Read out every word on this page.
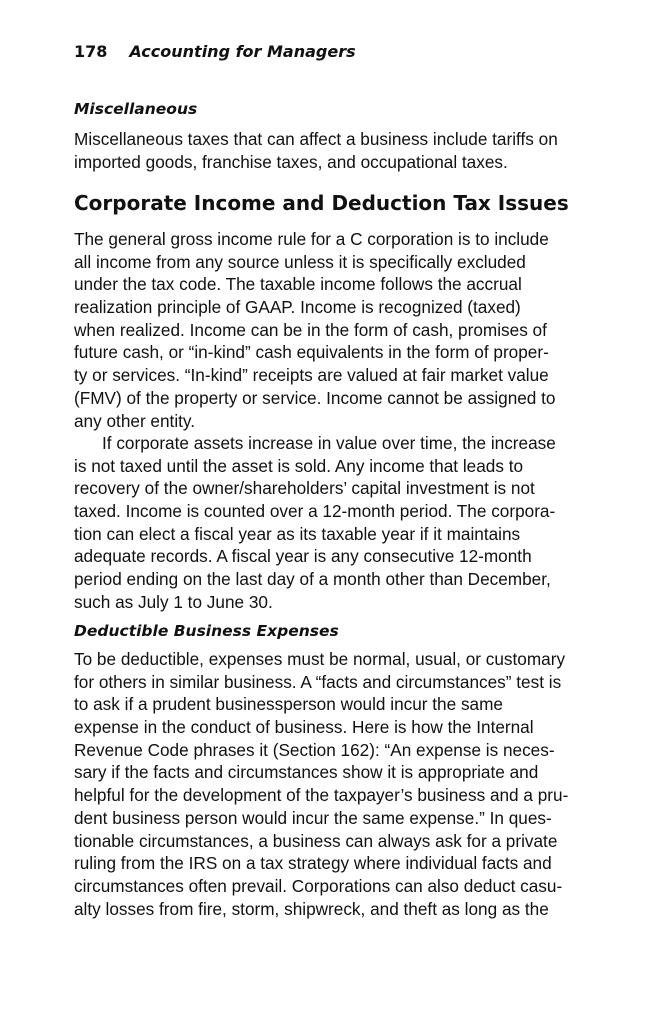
178 Accounting for Managers
Miscellaneous
Miscellaneous taxes that can affect a business include tariffs on
imported goods, franchise taxes, and occupational taxes.
Corporate Income and Deduction Tax Issues
The general gross income rule for a C corporation is to include
all income from any source unless it is specifically excluded
under the tax code. The taxable income follows the accrual
realization principle of GAAP. Income is recognized (taxed)
when realized. Income can be in the form of cash, promises of
future cash, or “in-kind” cash equivalents in the form of proper-
ty or services. “In-kind” receipts are valued at fair market value
(FMV) of the property or service. Income cannot be assigned to
any other entity.
If corporate assets increase in value over time, the increase
is not taxed until the asset is sold. Any income that leads to
recovery of the owner/shareholders’ capital investment is not
taxed. Income is counted over a 12-month period. The corpora-
tion can elect a fiscal year as its taxable year if it maintains
adequate records. A fiscal year is any consecutive 12-month
period ending on the last day of a month other than December,
such as July 1 to June 30.
Deductible Business Expenses
To be deductible, expenses must be normal, usual, or customary
for others in similar business. A “facts and circumstances” test is
to ask if a prudent businessperson would incur the same
expense in the conduct of business. Here is how the Internal
Revenue Code phrases it (Section 162): “An expense is neces-
sary if the facts and circumstances show it is appropriate and
helpful for the development of the taxpayer’s business and a pru-
dent business person would incur the same expense.” In ques-
tionable circumstances, a business can always ask for a private
ruling from the IRS on a tax strategy where individual facts and
circumstances often prevail. Corporations can also deduct casu-
alty losses from fire, storm, shipwreck, and theft as long as the
